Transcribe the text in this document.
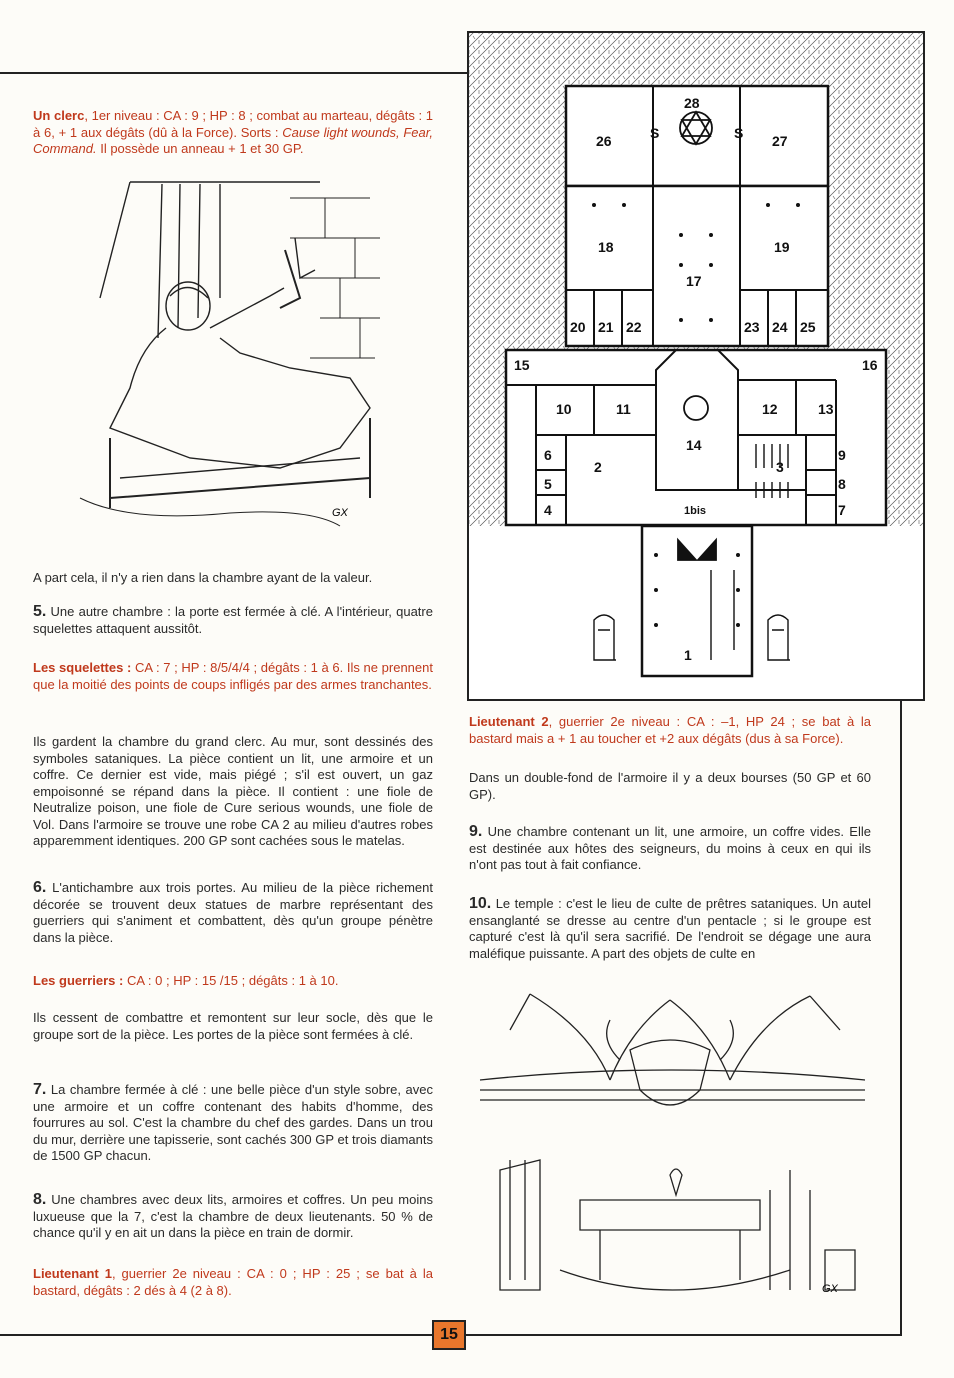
Un clerc, 1er niveau : CA : 9 ; HP : 8 ; combat au marteau, dégâts : 1 à 6, + 1 aux dégâts (dû à la Force). Sorts : Cause light wounds, Fear, Command. Il possède un anneau + 1 et 30 GP.
GX
A part cela, il n'y a rien dans la chambre ayant de la valeur.
5. Une autre chambre : la porte est fermée à clé. A l'intérieur, quatre squelettes attaquent aussitôt.
Les squelettes : CA : 7 ; HP : 8/5/4/4 ; dégâts : 1 à 6. Ils ne prennent que la moitié des points de coups infligés par des armes tranchantes.
Ils gardent la chambre du grand clerc. Au mur, sont dessinés des symboles sataniques. La pièce contient un lit, une armoire et un coffre. Ce dernier est vide, mais piégé ; s'il est ouvert, un gaz empoisonné se répand dans la pièce. Il contient : une fiole de Neutralize poison, une fiole de Cure serious wounds, une fiole de Vol. Dans l'armoire se trouve une robe CA 2 au milieu d'autres robes apparemment identiques. 200 GP sont cachées sous le matelas.
6. L'antichambre aux trois portes. Au milieu de la pièce richement décorée se trouvent deux statues de marbre représentant des guerriers qui s'animent et combattent, dès qu'un groupe pénètre dans la pièce.
Les guerriers : CA : 0 ; HP : 15 /15 ; dégâts : 1 à 10.
Ils cessent de combattre et remontent sur leur socle, dès que le groupe sort de la pièce. Les portes de la pièce sont fermées à clé.
7. La chambre fermée à clé : une belle pièce d'un style sobre, avec une armoire et un coffre contenant des habits d'homme, des fourrures au sol. C'est la chambre du chef des gardes. Dans un trou du mur, derrière une tapisserie, sont cachés 300 GP et trois diamants de 1500 GP chacun.
8. Une chambres avec deux lits, armoires et coffres. Un peu moins luxueuse que la 7, c'est la chambre de deux lieutenants. 50 % de chance qu'il y en ait un dans la pièce en train de dormir.
Lieutenant 1, guerrier 2e niveau : CA : 0 ; HP : 25 ; se bat à la bastard, dégâts : 2 dés à 4 (2 à 8).
1
1bis
2	3
4
5
6
7
8
9
10	11	12	13
14
15	16
17
18	19
20 21 22	23 24 25
26	27
28
S	S
Lieutenant 2, guerrier 2e niveau : CA : –1, HP 24 ; se bat à la bastard mais a + 1 au toucher et +2 aux dégâts (dus à sa Force).
Dans un double-fond de l'armoire il y a deux bourses (50 GP et 60 GP).
9. Une chambre contenant un lit, une armoire, un coffre vides. Elle est destinée aux hôtes des seigneurs, du moins à ceux en qui ils n'ont pas tout à fait confiance.
10. Le temple : c'est le lieu de culte de prêtres sataniques. Un autel ensanglanté se dresse au centre d'un pentacle ; si le groupe est capturé c'est là qu'il sera sacrifié. De l'endroit se dégage une aura maléfique puissante. A part des objets de culte en
GX
15
